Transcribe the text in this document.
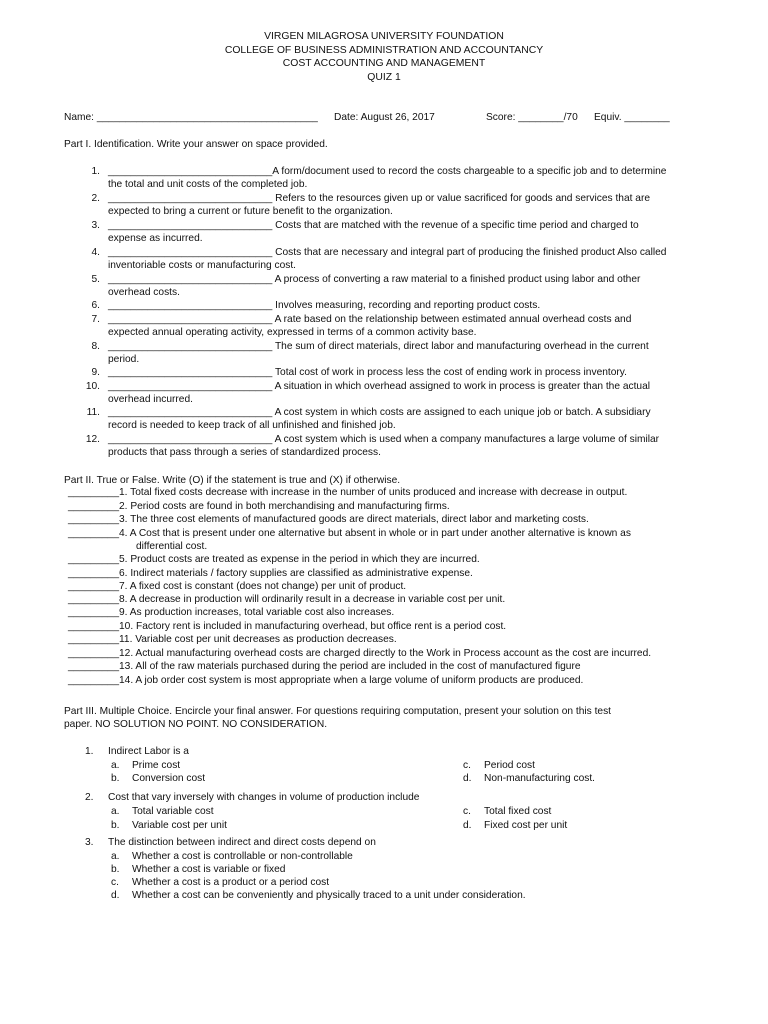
VIRGEN MILAGROSA UNIVERSITY FOUNDATION
COLLEGE OF BUSINESS ADMINISTRATION AND ACCOUNTANCY
COST ACCOUNTING AND MANAGEMENT
QUIZ 1
Name: _______________________________________ Date: August 26, 2017	Score: ________/70 Equiv. ________
Part I. Identification. Write your answer on space provided.
1. _____________________________A form/document used to record the costs chargeable to a specific job and to determine
the total and unit costs of the completed job.
2. _____________________________ Refers to the resources given up or value sacrificed for goods and services that are
expected to bring a current or future benefit to the organization.
3. _____________________________ Costs that are matched with the revenue of a specific time period and charged to
expense as incurred.
4. _____________________________ Costs that are necessary and integral part of producing the finished product Also called
inventoriable costs or manufacturing cost.
5. _____________________________ A process of converting a raw material to a finished product using labor and other
overhead costs.
6. _____________________________ Involves measuring, recording and reporting product costs.
7. _____________________________ A rate based on the relationship between estimated annual overhead costs and
expected annual operating activity, expressed in terms of a common activity base.
8. _____________________________ The sum of direct materials, direct labor and manufacturing overhead in the current
period.
9. _____________________________ Total cost of work in process less the cost of ending work in process inventory.
10. _____________________________ A situation in which overhead assigned to work in process is greater than the actual
overhead incurred.
11. _____________________________ A cost system in which costs are assigned to each unique job or batch. A subsidiary
record is needed to keep track of all unfinished and finished job.
12. _____________________________ A cost system which is used when a company manufactures a large volume of similar
products that pass through a series of standardized process.
Part II. True or False. Write (O) if the statement is true and (X) if otherwise.
_________1. Total fixed costs decrease with increase in the number of units produced and increase with decrease in output.
_________2. Period costs are found in both merchandising and manufacturing firms.
_________3. The three cost elements of manufactured goods are direct materials, direct labor and marketing costs.
_________4. A Cost that is present under one alternative but absent in whole or in part under another alternative is known as
differential cost.
_________5. Product costs are treated as expense in the period in which they are incurred.
_________6. Indirect materials / factory supplies are classified as administrative expense.
_________7. A fixed cost is constant (does not change) per unit of product.
_________8. A decrease in production will ordinarily result in a decrease in variable cost per unit.
_________9. As production increases, total variable cost also increases.
_________10. Factory rent is included in manufacturing overhead, but office rent is a period cost.
_________11. Variable cost per unit decreases as production decreases.
_________12. Actual manufacturing overhead costs are charged directly to the Work in Process account as the cost are incurred.
_________13. All of the raw materials purchased during the period are included in the cost of manufactured figure
_________14. A job order cost system is most appropriate when a large volume of uniform products are produced.
Part III. Multiple Choice. Encircle your final answer. For questions requiring computation, present your solution on this test
paper. NO SOLUTION NO POINT. NO CONSIDERATION.
1. Indirect Labor is a
a. Prime cost
b. Conversion cost
c. Period cost
d. Non-manufacturing cost.
2. Cost that vary inversely with changes in volume of production include
a. Total variable cost
b. Variable cost per unit
c. Total fixed cost
d. Fixed cost per unit
3. The distinction between indirect and direct costs depend on
a. Whether a cost is controllable or non-controllable
b. Whether a cost is variable or fixed
c. Whether a cost is a product or a period cost
d. Whether a cost can be conveniently and physically traced to a unit under consideration.
